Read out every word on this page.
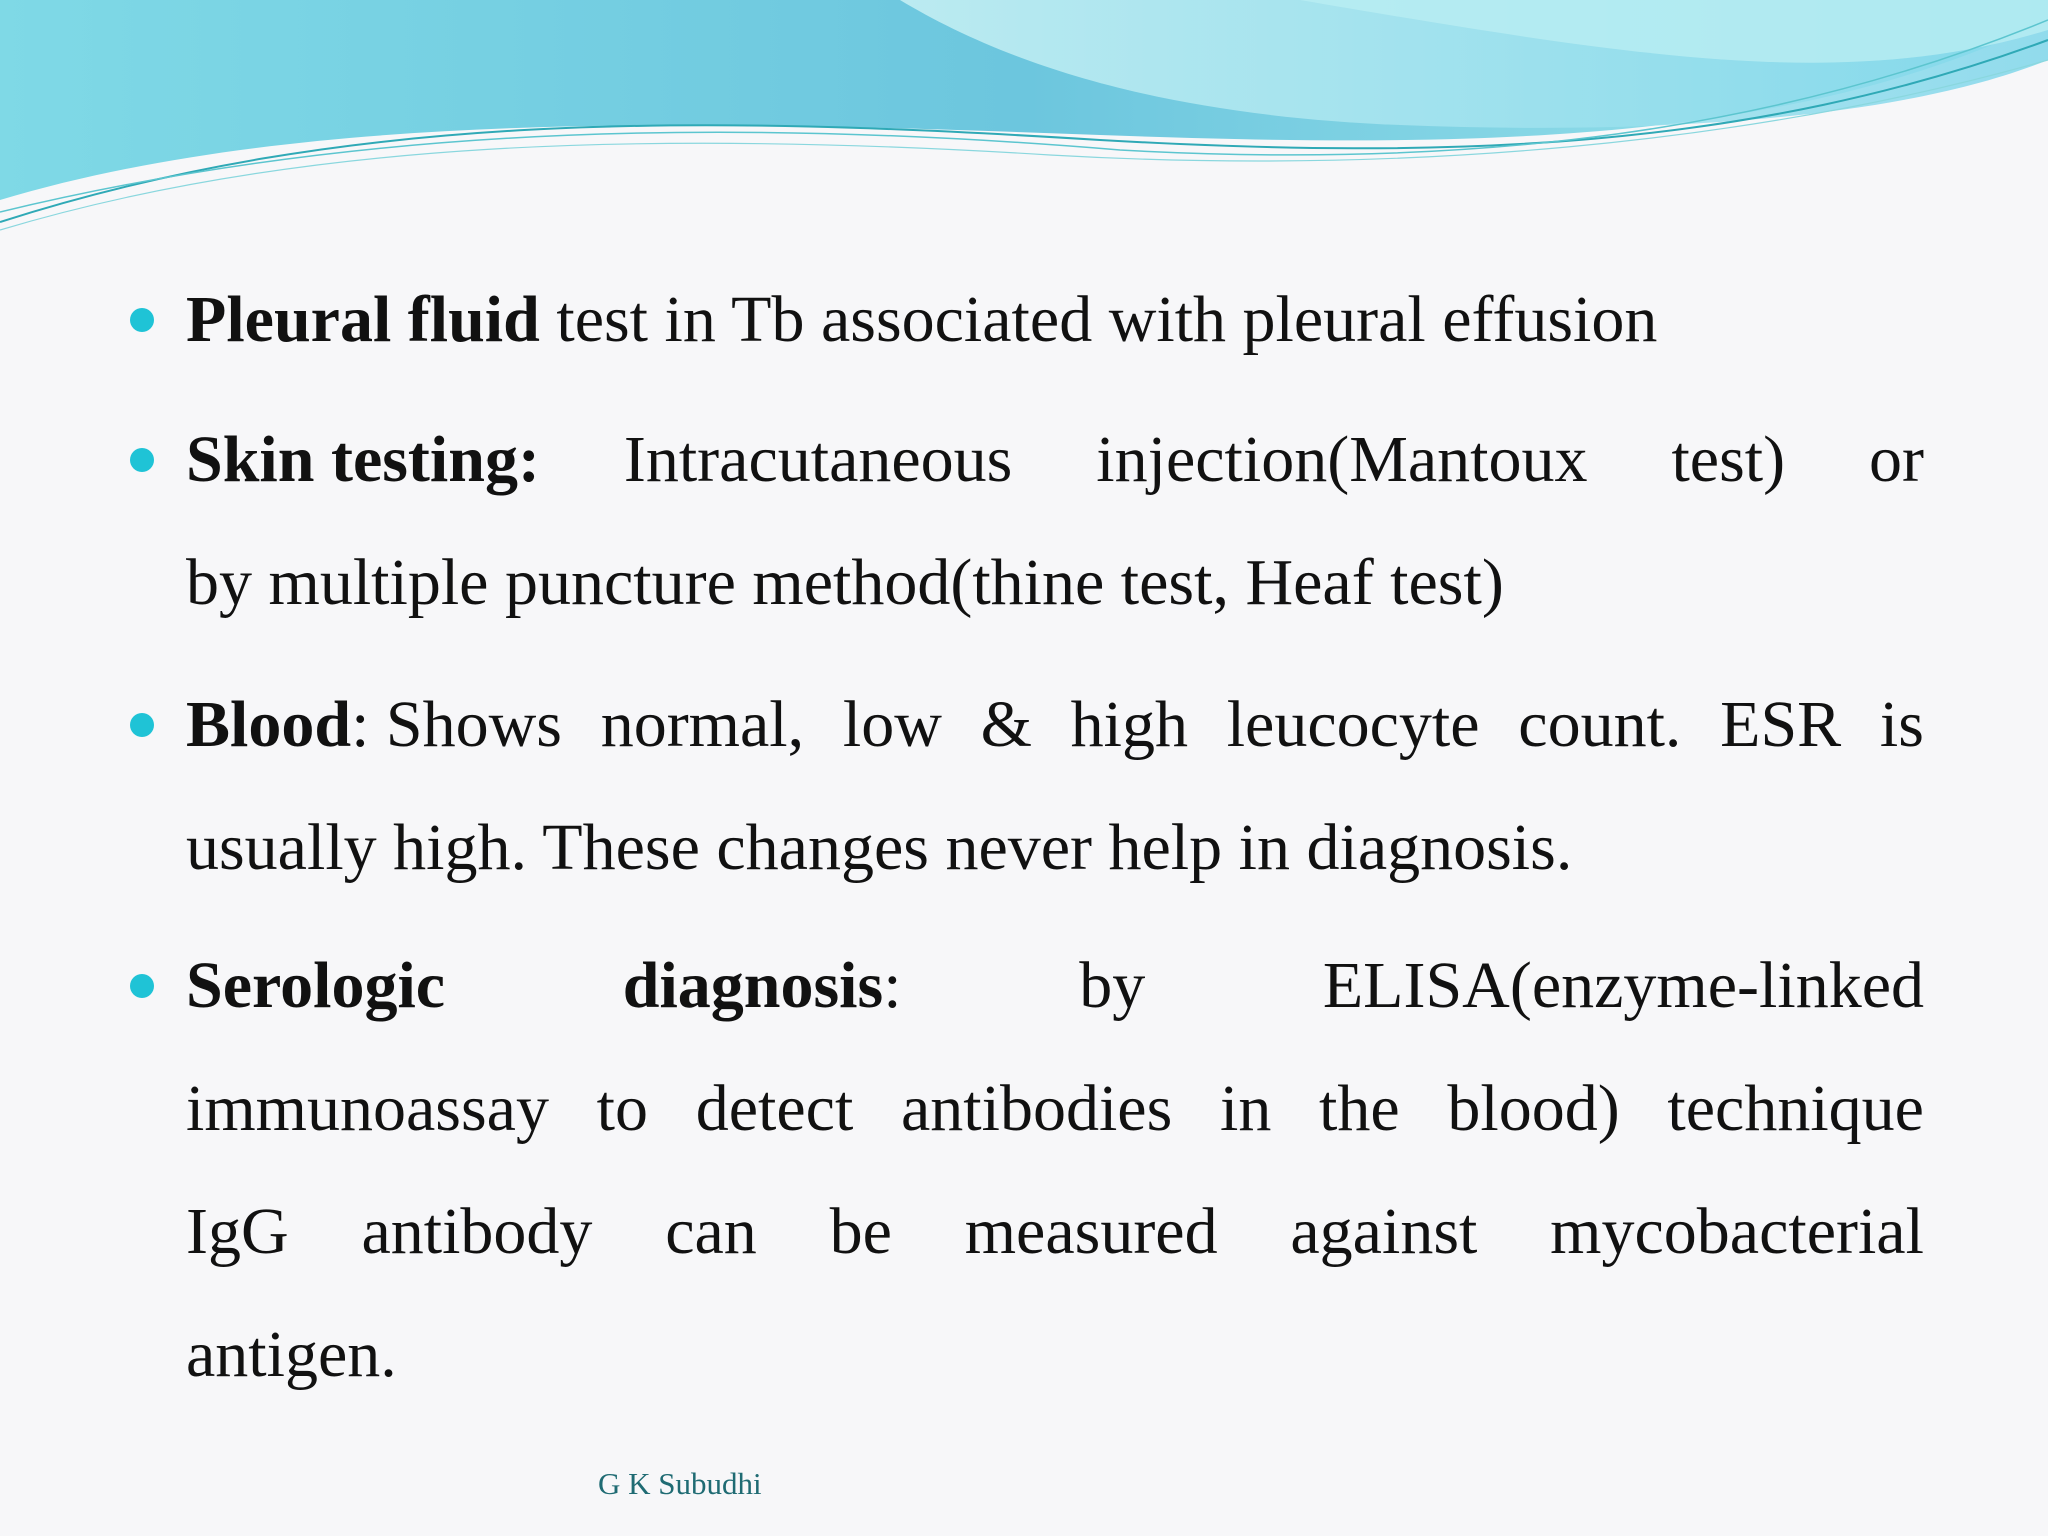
Pleural fluid test in Tb associated with pleural effusion
Skin testing: Intracutaneous injection(Mantoux test) or
by multiple puncture method(thine test, Heaf test)
Blood: Shows normal, low & high leucocyte count. ESR is
usually high. These changes never help in diagnosis.
Serologic	diagnosis:	by	ELISA(enzyme-linked
immunoassay to detect antibodies in the blood) technique
IgG antibody can be measured against mycobacterial
antigen.
G K Subudhi
